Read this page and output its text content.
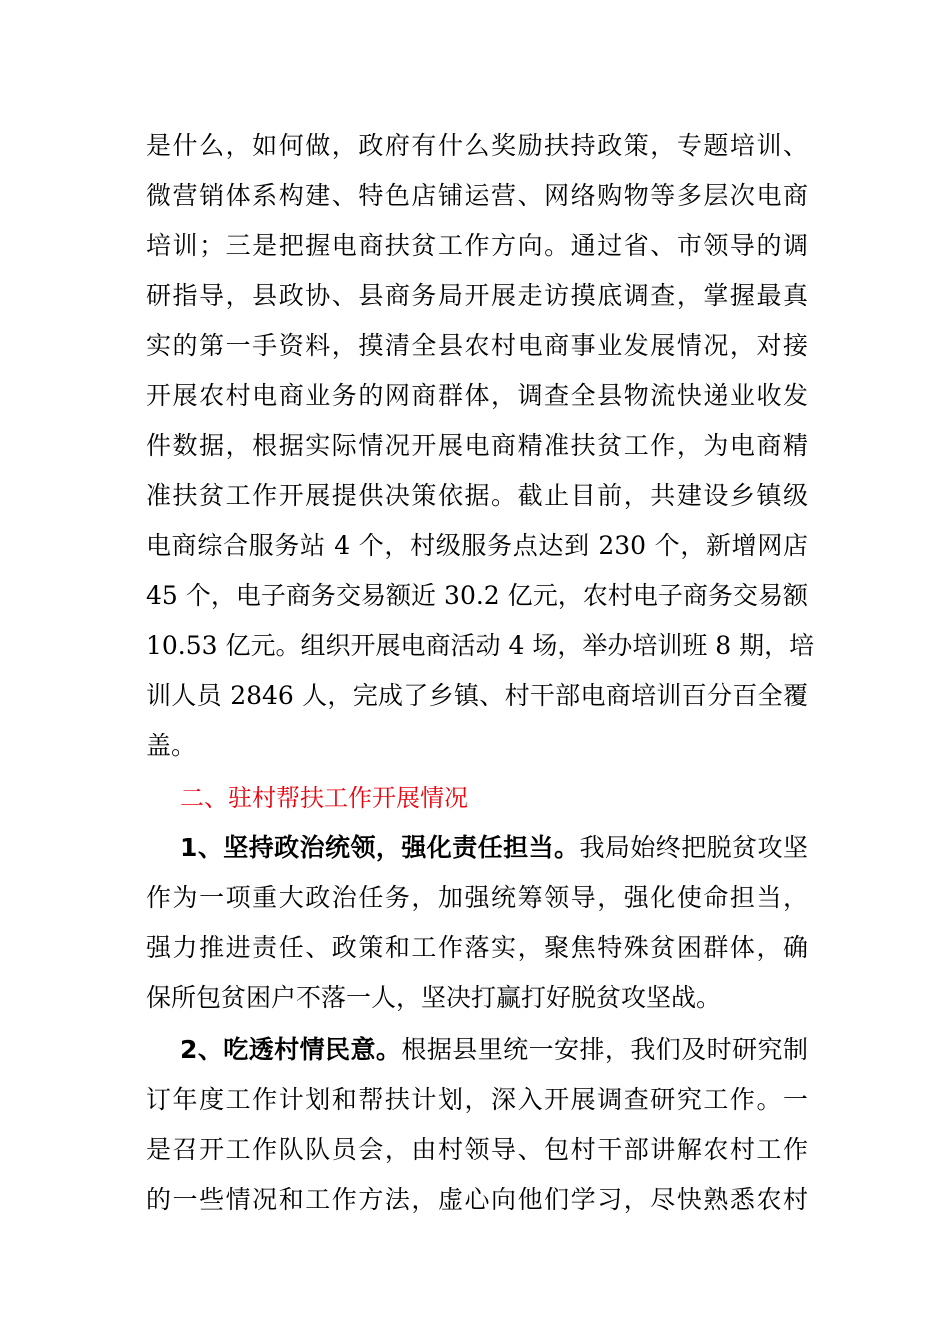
是什么，如何做，政府有什么奖励扶持政策，专题培训、
微营销体系构建、特色店铺运营、网络购物等多层次电商
培训；三是把握电商扶贫工作方向。通过省、市领导的调
研指导，县政协、县商务局开展走访摸底调查，掌握最真
实的第一手资料，摸清全县农村电商事业发展情况，对接
开展农村电商业务的网商群体，调查全县物流快递业收发
件数据，根据实际情况开展电商精准扶贫工作，为电商精
准扶贫工作开展提供决策依据。截止目前，共建设乡镇级
电商综合服务站 4 个，村级服务点达到 230 个，新增网店
45 个，电子商务交易额近 30.2 亿元，农村电子商务交易额
10.53 亿元。组织开展电商活动 4 场，举办培训班 8 期，培
训人员 2846 人，完成了乡镇、村干部电商培训百分百全覆
盖。
二、驻村帮扶工作开展情况
1、坚持政治统领，强化责任担当。我局始终把脱贫攻坚
作为一项重大政治任务，加强统筹领导，强化使命担当，
强力推进责任、政策和工作落实，聚焦特殊贫困群体，确
保所包贫困户不落一人，坚决打赢打好脱贫攻坚战。
2、吃透村情民意。根据县里统一安排，我们及时研究制
订年度工作计划和帮扶计划，深入开展调查研究工作。一
是召开工作队队员会，由村领导、包村干部讲解农村工作
的一些情况和工作方法，虚心向他们学习，尽快熟悉农村
